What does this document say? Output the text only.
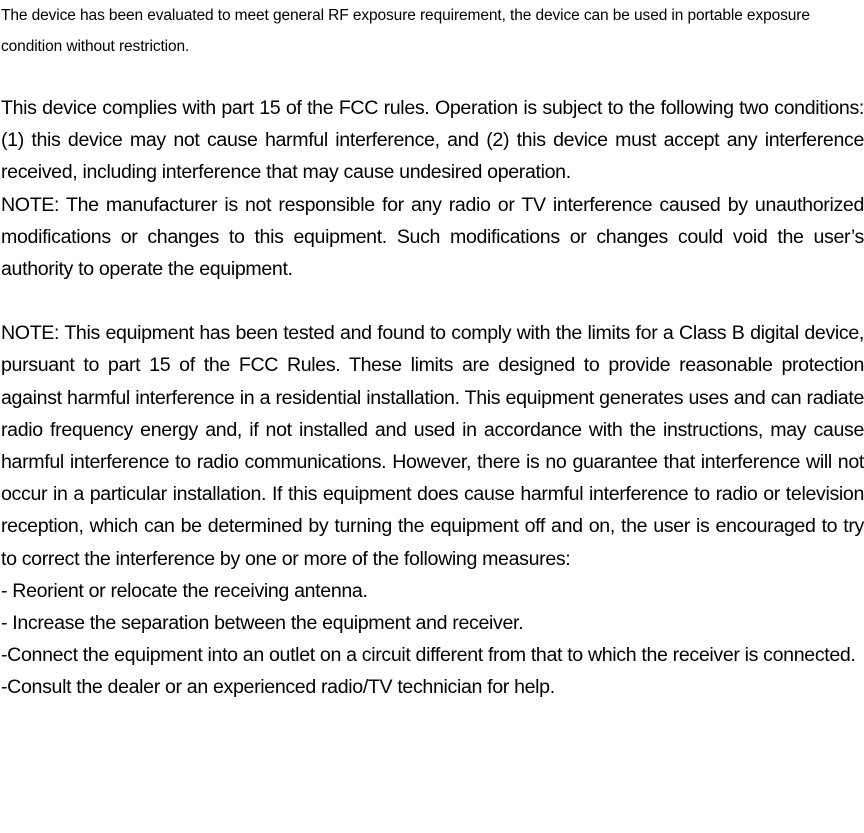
The device has been evaluated to meet general RF exposure requirement, the device can be used in portable exposure condition without restriction.

This device complies with part 15 of the FCC rules. Operation is subject to the following two conditions: (1) this device may not cause harmful interference, and (2) this device must accept any interference received, including interference that may cause undesired operation.

NOTE: The manufacturer is not responsible for any radio or TV interference caused by unauthorized modifications or changes to this equipment. Such modifications or changes could void the user’s authority to operate the equipment.

NOTE: This equipment has been tested and found to comply with the limits for a Class B digital device, pursuant to part 15 of the FCC Rules. These limits are designed to provide reasonable protection against harmful interference in a residential installation. This equipment generates uses and can radiate radio frequency energy and, if not installed and used in accordance with the instructions, may cause harmful interference to radio communications. However, there is no guarantee that interference will not occur in a particular installation. If this equipment does cause harmful interference to radio or television reception, which can be determined by turning the equipment off and on, the user is encouraged to try to correct the interference by one or more of the following measures:

- Reorient or relocate the receiving antenna.

- Increase the separation between the equipment and receiver.

-Connect the equipment into an outlet on a circuit different from that to which the receiver is connected.

-Consult the dealer or an experienced radio/TV technician for help.
